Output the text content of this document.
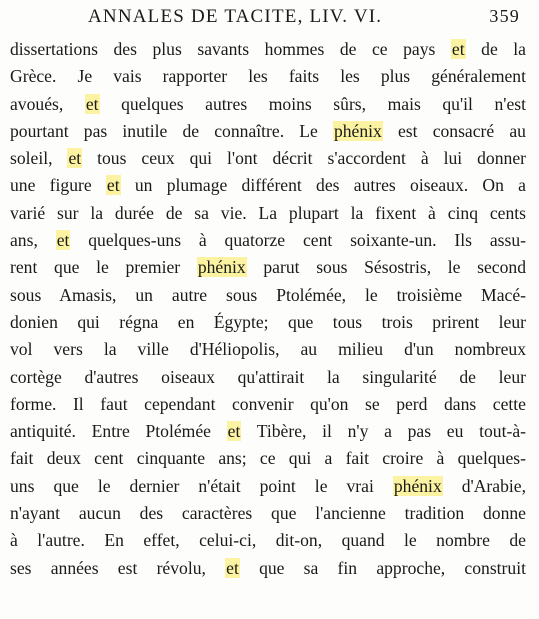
ANNALES DE TACITE, LIV. VI.	359
dissertations des plus savants hommes de ce pays et de la
Grèce. Je vais rapporter les faits les plus généralement
avoués, et quelques autres moins sûrs, mais qu'il n'est
pourtant pas inutile de connaître. Le phénix est consacré au
soleil, et tous ceux qui l'ont décrit s'accordent à lui donner
une figure et un plumage différent des autres oiseaux. On a
varié sur la durée de sa vie. La plupart la fixent à cinq cents
ans, et quelques-uns à quatorze cent soixante-un. Ils assu-
rent que le premier phénix parut sous Sésostris, le second
sous Amasis, un autre sous Ptolémée, le troisième Macé-
donien qui régna en Égypte; que tous trois prirent leur
vol vers la ville d'Héliopolis, au milieu d'un nombreux
cortège d'autres oiseaux qu'attirait la singularité de leur
forme. Il faut cependant convenir qu'on se perd dans cette
antiquité. Entre Ptolémée et Tibère, il n'y a pas eu tout-à-
fait deux cent cinquante ans; ce qui a fait croire à quelques-
uns que le dernier n'était point le vrai phénix d'Arabie,
n'ayant aucun des caractères que l'ancienne tradition donne
à l'autre. En effet, celui-ci, dit-on, quand le nombre de
ses années est révolu, et que sa fin approche, construit
